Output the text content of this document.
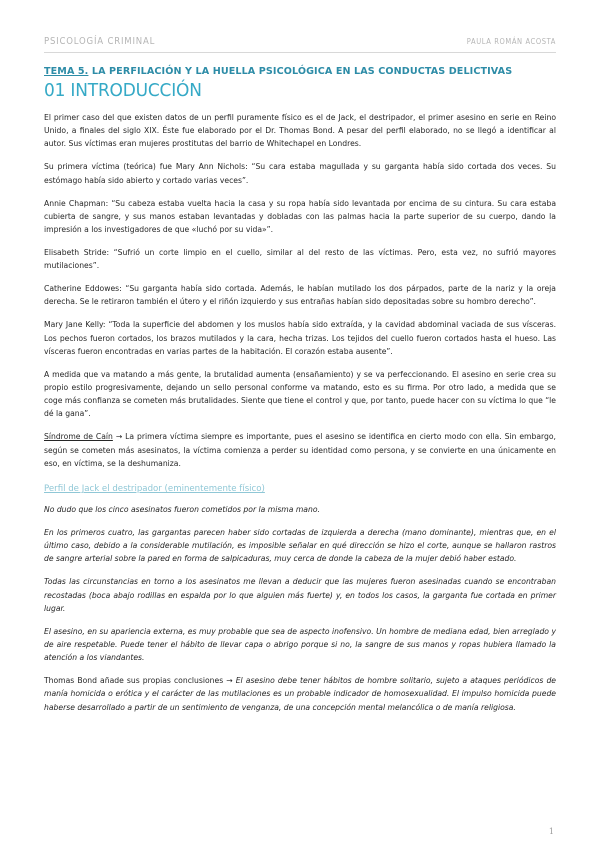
PSICOLOGÍA CRIMINAL	PAULA ROMÁN ACOSTA
TEMA 5. LA PERFILACIÓN Y LA HUELLA PSICOLÓGICA EN LAS CONDUCTAS DELICTIVAS
01 INTRODUCCIÓN

El primer caso del que existen datos de un perfil puramente físico es el de Jack, el destripador, el primer asesino en serie en Reino Unido, a finales del siglo XIX. Éste fue elaborado por el Dr. Thomas Bond. A pesar del perfil elaborado, no se llegó a identificar al autor. Sus víctimas eran mujeres prostitutas del barrio de Whitechapel en Londres.

Su primera víctima (teórica) fue Mary Ann Nichols: “Su cara estaba magullada y su garganta había sido cortada dos veces. Su estómago había sido abierto y cortado varias veces”.

Annie Chapman: “Su cabeza estaba vuelta hacia la casa y su ropa había sido levantada por encima de su cintura. Su cara estaba cubierta de sangre, y sus manos estaban levantadas y dobladas con las palmas hacia la parte superior de su cuerpo, dando la impresión a los investigadores de que «luchó por su vida»”.

Elisabeth Stride: “Sufrió un corte limpio en el cuello, similar al del resto de las víctimas. Pero, esta vez, no sufrió mayores mutilaciones”.

Catherine Eddowes: “Su garganta había sido cortada. Además, le habían mutilado los dos párpados, parte de la nariz y la oreja derecha. Se le retiraron también el útero y el riñón izquierdo y sus entrañas habían sido depositadas sobre su hombro derecho”.

Mary Jane Kelly: “Toda la superficie del abdomen y los muslos había sido extraída, y la cavidad abdominal vaciada de sus vísceras. Los pechos fueron cortados, los brazos mutilados y la cara, hecha trizas. Los tejidos del cuello fueron cortados hasta el hueso. Las vísceras fueron encontradas en varias partes de la habitación. El corazón estaba ausente”.

A medida que va matando a más gente, la brutalidad aumenta (ensañamiento) y se va perfeccionando. El asesino en serie crea su propio estilo progresivamente, dejando un sello personal conforme va matando, esto es su firma. Por otro lado, a medida que se coge más confianza se cometen más brutalidades. Siente que tiene el control y que, por tanto, puede hacer con su víctima lo que “le dé la gana”.

Síndrome de Caín → La primera víctima siempre es importante, pues el asesino se identifica en cierto modo con ella. Sin embargo, según se cometen más asesinatos, la víctima comienza a perder su identidad como persona, y se convierte en una únicamente en eso, en víctima, se la deshumaniza.

Perfil de Jack el destripador (eminentemente físico)

No dudo que los cinco asesinatos fueron cometidos por la misma mano.

En los primeros cuatro, las gargantas parecen haber sido cortadas de izquierda a derecha (mano dominante), mientras que, en el último caso, debido a la considerable mutilación, es imposible señalar en qué dirección se hizo el corte, aunque se hallaron rastros de sangre arterial sobre la pared en forma de salpicaduras, muy cerca de donde la cabeza de la mujer debió haber estado.

Todas las circunstancias en torno a los asesinatos me llevan a deducir que las mujeres fueron asesinadas cuando se encontraban recostadas (boca abajo rodillas en espalda por lo que alguien más fuerte) y, en todos los casos, la garganta fue cortada en primer lugar.

El asesino, en su apariencia externa, es muy probable que sea de aspecto inofensivo. Un hombre de mediana edad, bien arreglado y de aire respetable. Puede tener el hábito de llevar capa o abrigo porque si no, la sangre de sus manos y ropas hubiera llamado la atención a los viandantes.

Thomas Bond añade sus propias conclusiones → El asesino debe tener hábitos de hombre solitario, sujeto a ataques periódicos de manía homicida o erótica y el carácter de las mutilaciones es un probable indicador de homosexualidad. El impulso homicida puede haberse desarrollado a partir de un sentimiento de venganza, de una concepción mental melancólica o de manía religiosa.

1
